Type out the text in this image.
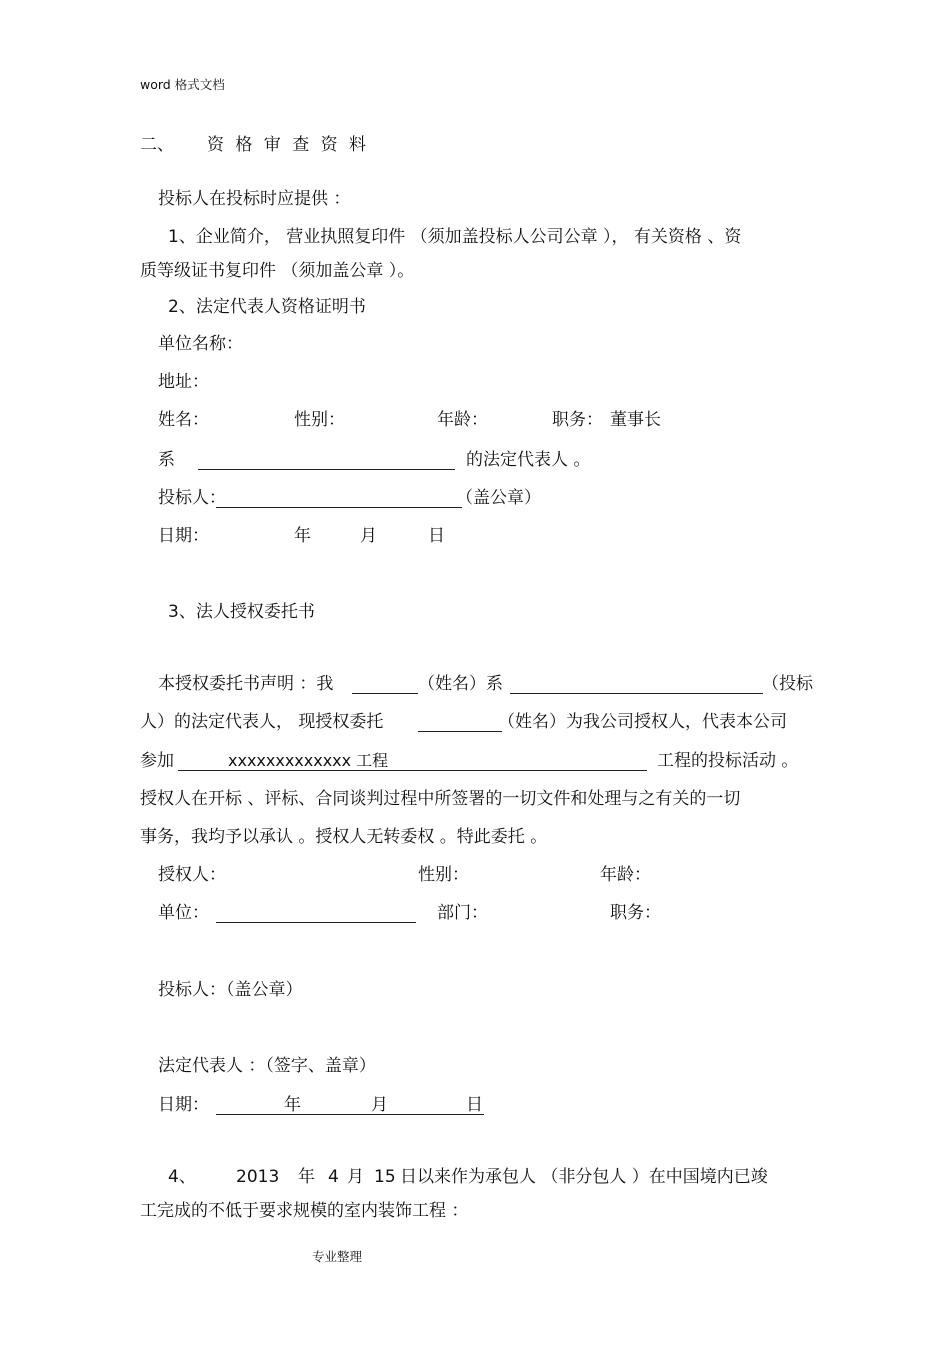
word 格式文档
专业整理
二、 资 格 审 查 资 料
投标人在投标时应提供 ：
1、企业简介， 营业执照复印件 （须加盖投标人公司公章 ）， 有关资格 、资
质等级证书复印件 （须加盖公章 ）。
2、法定代表人资格证明书
单位名称：
地址：
姓名：	性别：	年龄：	职务： 董事长
系	的法定代表人 。
投标人：	（盖公章）
日期：	年	月	日
3、法人授权委托书
本授权委托书声明 ：我	（姓名）系	（投标
人）的法定代表人， 现授权委托	（姓名）为我公司授权人，代表本公司
参加	xxxxxxxxxxxxx 工程	工程的投标活动 。
授权人在开标 、评标、合同谈判过程中所签署的一切文件和处理与之有关的一切
事务，我均予以承认 。授权人无转委权 。特此委托 。
授权人：	性别：	年龄：
单位：	部门：	职务：
投标人：（盖公章）
法定代表人 ：（签字、盖章）
日期：	年	月	日
4、 2013 年 4 月 15 日以来作为承包人 （非分包人 ）在中国境内已竣
工完成的不低于要求规模的室内装饰工程 ：
